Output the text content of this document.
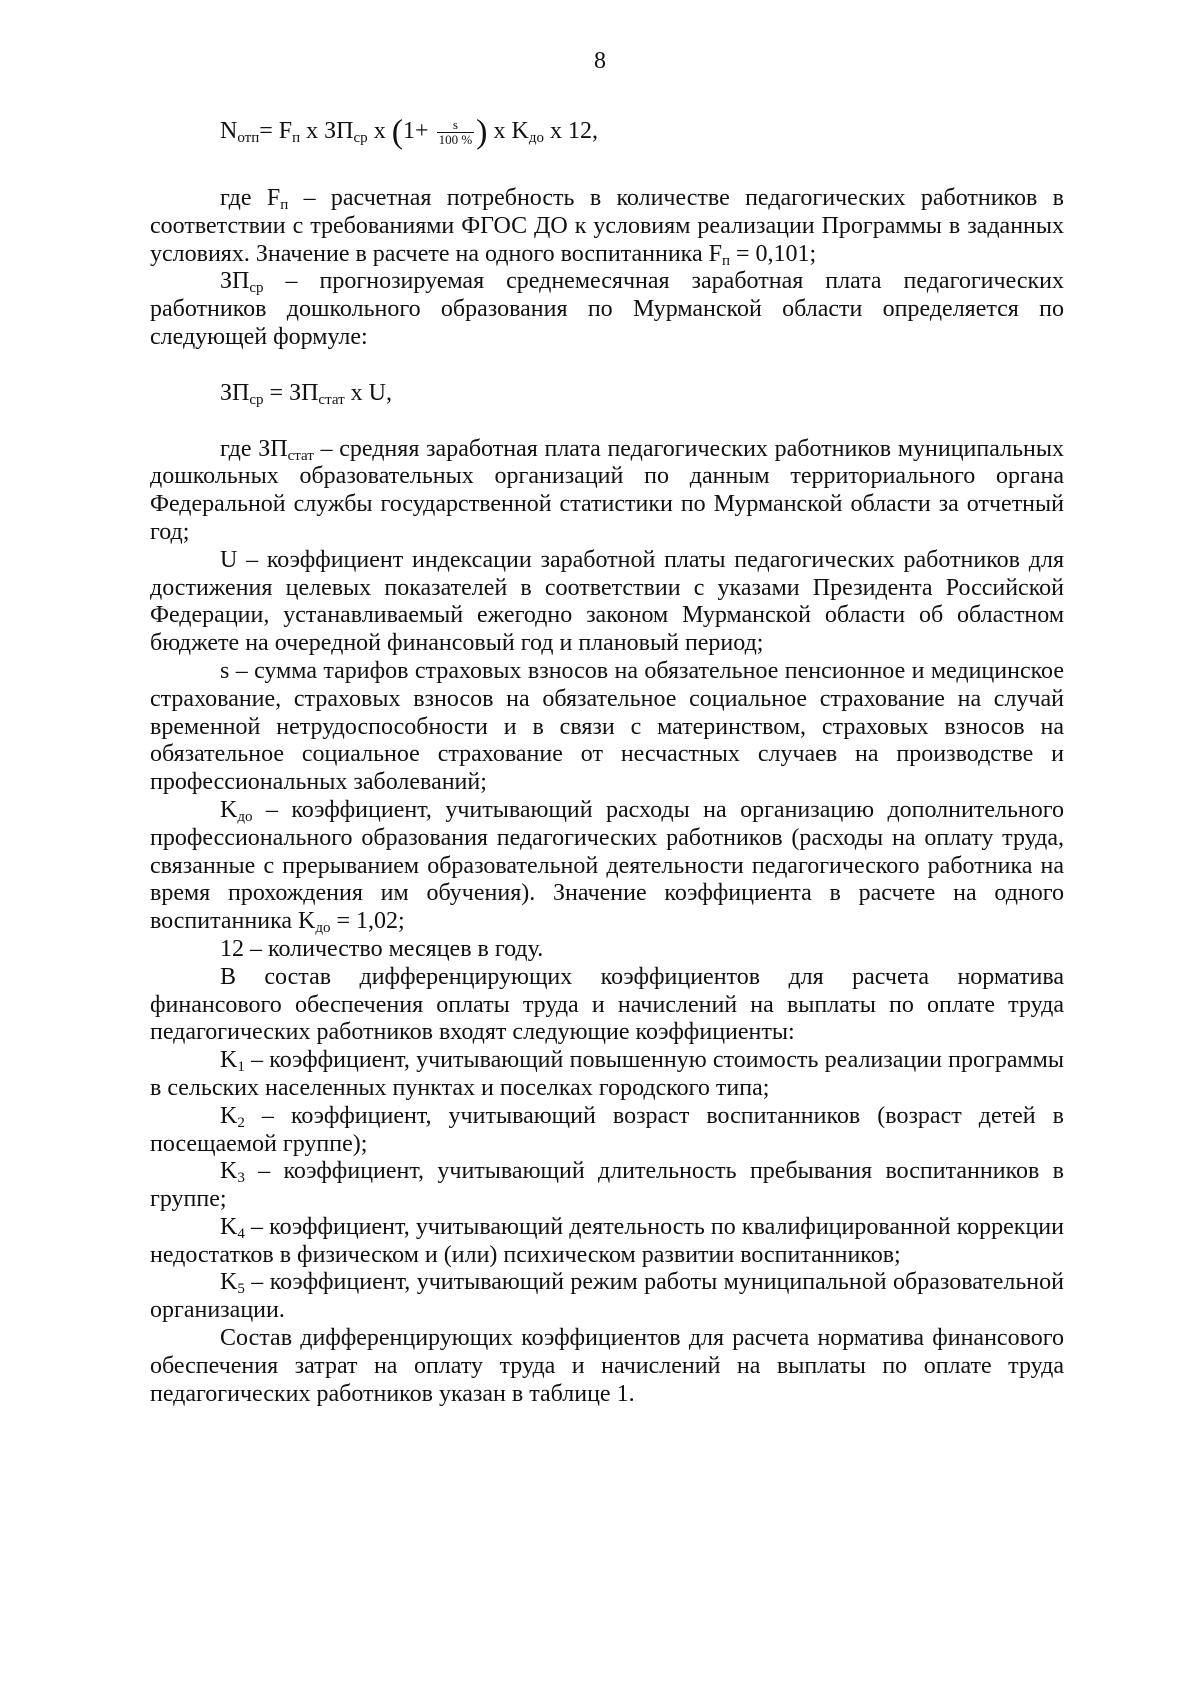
8
$N_{отп}= F_п$ x $ЗП_{ср}$ x ($1+ \frac{s}{100 \%}$ ) x $K_{до}$ x 12,

где $F_п$ – расчетная потребность в количестве педагогических работников в соответствии с требованиями ФГОС ДО к условиям реализации Программы в заданных условиях. Значение в расчете на одного воспитанника $F_п = 0,101$;

$ЗП_{ср}$ – прогнозируемая среднемесячная заработная плата педагогических работников дошкольного образования по Мурманской области определяется по следующей формуле:

$ЗП_{ср} = ЗП_{стат}$ x U,

где $ЗП_{стат}$ – средняя заработная плата педагогических работников муниципальных дошкольных образовательных организаций по данным территориального органа Федеральной службы государственной статистики по Мурманской области за отчетный год;

U – коэффициент индексации заработной платы педагогических работников для достижения целевых показателей в соответствии с указами Президента Российской Федерации, устанавливаемый ежегодно законом Мурманской области об областном бюджете на очередной финансовый год и плановый период;

s – сумма тарифов страховых взносов на обязательное пенсионное и медицинское страхование, страховых взносов на обязательное социальное страхование на случай временной нетрудоспособности и в связи с материнством, страховых взносов на обязательное социальное страхование от несчастных случаев на производстве и профессиональных заболеваний;

$K_{до}$ – коэффициент, учитывающий расходы на организацию дополнительного профессионального образования педагогических работников (расходы на оплату труда, связанные с прерыванием образовательной деятельности педагогического работника на время прохождения им обучения). Значение коэффициента в расчете на одного воспитанника $K_{до} = 1,02$;

12 – количество месяцев в году.

В состав дифференцирующих коэффициентов для расчета норматива финансового обеспечения оплаты труда и начислений на выплаты по оплате труда педагогических работников входят следующие коэффициенты:

$K_1$ – коэффициент, учитывающий повышенную стоимость реализации программы в сельских населенных пунктах и поселках городского типа;

$K_2$ – коэффициент, учитывающий возраст воспитанников (возраст детей в посещаемой группе);

$K_3$ – коэффициент, учитывающий длительность пребывания воспитанников в группе;

$K_4$ – коэффициент, учитывающий деятельность по квалифицированной коррекции недостатков в физическом и (или) психическом развитии воспитанников;

$K_5$ – коэффициент, учитывающий режим работы муниципальной образовательной организации.

Состав дифференцирующих коэффициентов для расчета норматива финансового обеспечения затрат на оплату труда и начислений на выплаты по оплате труда педагогических работников указан в таблице 1.
